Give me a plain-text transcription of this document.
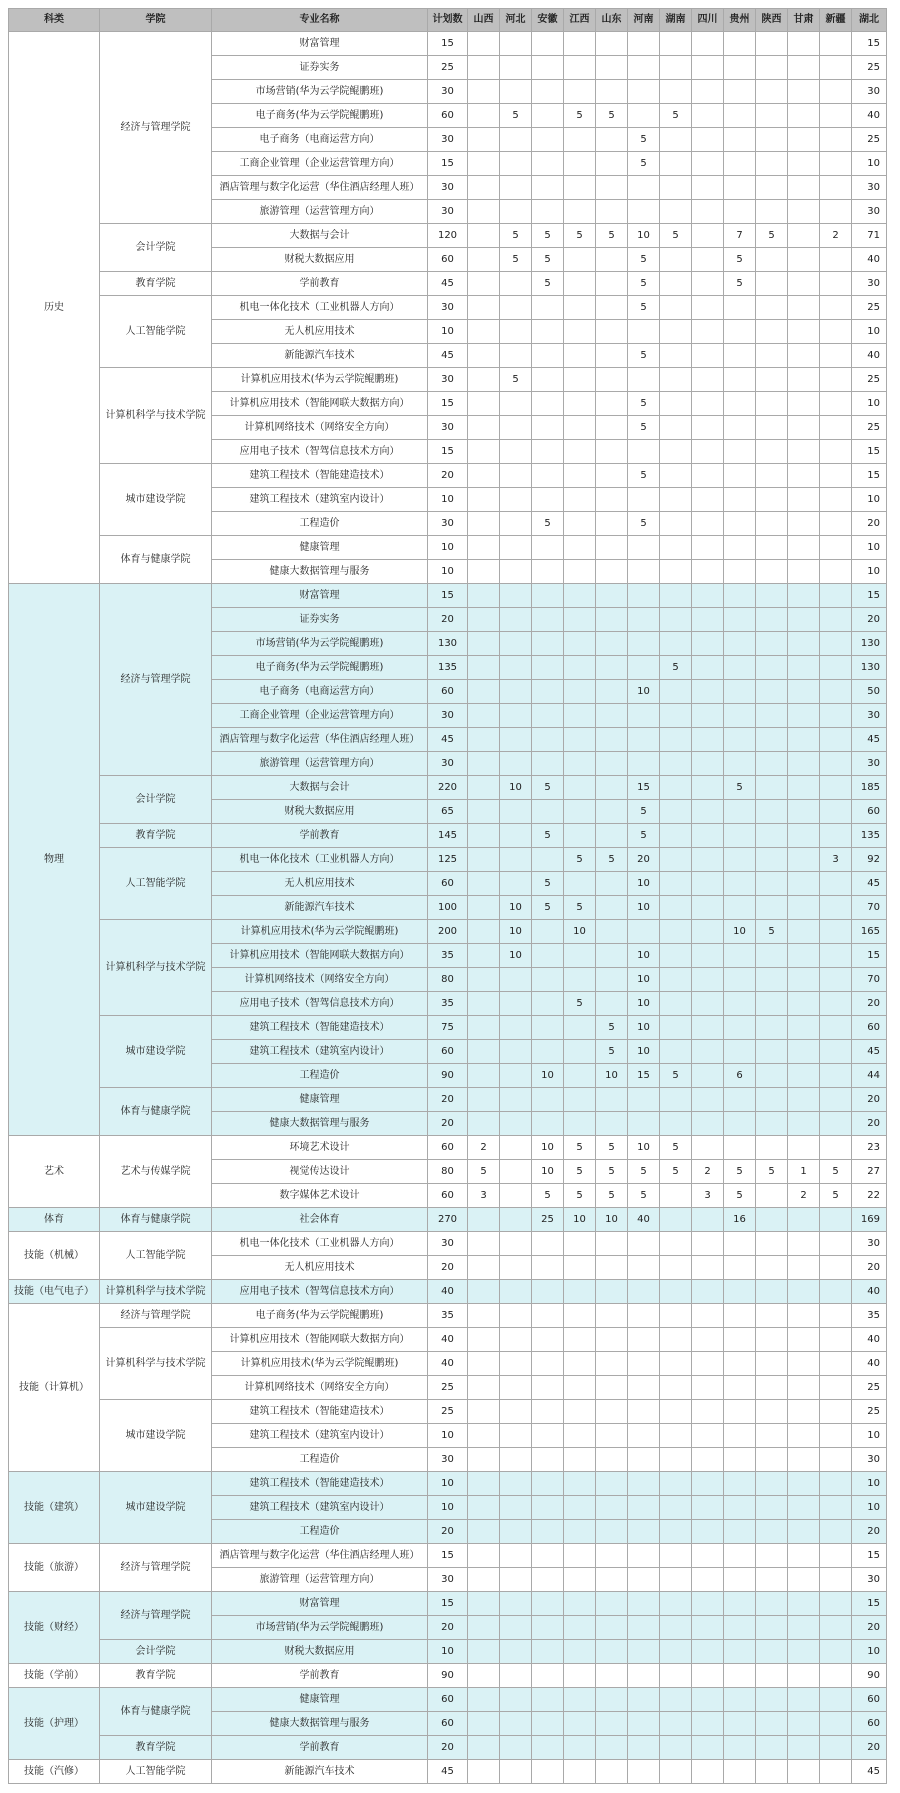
科类	学院	专业名称	计划数	山西	河北	安徽	江西	山东	河南	湖南	四川	贵州	陕西	甘肃	新疆	湖北
历史	经济与管理学院	财富管理	15													15
		证券实务	25													25
		市场营销(华为云学院鲲鹏班)	30													30
		电子商务(华为云学院鲲鹏班)	60		5		5	5		5						40
		电子商务（电商运营方向）	30						5							25
		工商企业管理（企业运营管理方向）	15						5							10
		酒店管理与数字化运营（华住酒店经理人班）	30													30
		旅游管理（运营管理方向）	30													30
	会计学院	大数据与会计	120		5	5	5	5	10	5		7	5		2	71
		财税大数据应用	60		5	5			5			5				40
	教育学院	学前教育	45			5			5			5				30
	人工智能学院	机电一体化技术（工业机器人方向）	30						5							25
		无人机应用技术	10													10
		新能源汽车技术	45						5							40
	计算机科学与技术学院	计算机应用技术(华为云学院鲲鹏班)	30		5											25
		计算机应用技术（智能网联大数据方向）	15						5							10
		计算机网络技术（网络安全方向）	30						5							25
		应用电子技术（智驾信息技术方向）	15													15
	城市建设学院	建筑工程技术（智能建造技术）	20						5							15
		建筑工程技术（建筑室内设计）	10													10
		工程造价	30			5			5							20
	体育与健康学院	健康管理	10													10
		健康大数据管理与服务	10													10
物理	经济与管理学院	财富管理	15													15
		证券实务	20													20
		市场营销(华为云学院鲲鹏班)	130													130
		电子商务(华为云学院鲲鹏班)	135							5						130
		电子商务（电商运营方向）	60						10							50
		工商企业管理（企业运营管理方向）	30													30
		酒店管理与数字化运营（华住酒店经理人班）	45													45
		旅游管理（运营管理方向）	30													30
	会计学院	大数据与会计	220		10	5			15			5				185
		财税大数据应用	65						5							60
	教育学院	学前教育	145			5			5							135
	人工智能学院	机电一体化技术（工业机器人方向）	125				5	5	20						3	92
		无人机应用技术	60			5			10							45
		新能源汽车技术	100		10	5	5		10							70
	计算机科学与技术学院	计算机应用技术(华为云学院鲲鹏班)	200		10		10					10	5			165
		计算机应用技术（智能网联大数据方向）	35		10				10							15
		计算机网络技术（网络安全方向）	80						10							70
		应用电子技术（智驾信息技术方向）	35				5		10							20
	城市建设学院	建筑工程技术（智能建造技术）	75					5	10							60
		建筑工程技术（建筑室内设计）	60					5	10							45
		工程造价	90			10		10	15	5		6				44
	体育与健康学院	健康管理	20													20
		健康大数据管理与服务	20													20
艺术	艺术与传媒学院	环境艺术设计	60	2		10	5	5	10	5						23
		视觉传达设计	80	5		10	5	5	5	5	2	5	5	1	5	27
		数字媒体艺术设计	60	3		5	5	5	5		3	5		2	5	22
体育	体育与健康学院	社会体育	270			25	10	10	40			16				169
技能（机械）	人工智能学院	机电一体化技术（工业机器人方向）	30													30
		无人机应用技术	20													20
技能（电气电子）	计算机科学与技术学院	应用电子技术（智驾信息技术方向）	40													40
技能（计算机）	经济与管理学院	电子商务(华为云学院鲲鹏班)	35													35
	计算机科学与技术学院	计算机应用技术（智能网联大数据方向）	40													40
		计算机应用技术(华为云学院鲲鹏班)	40													40
		计算机网络技术（网络安全方向）	25													25
	城市建设学院	建筑工程技术（智能建造技术）	25													25
		建筑工程技术（建筑室内设计）	10													10
		工程造价	30													30
技能（建筑）	城市建设学院	建筑工程技术（智能建造技术）	10													10
		建筑工程技术（建筑室内设计）	10													10
		工程造价	20													20
技能（旅游）	经济与管理学院	酒店管理与数字化运营（华住酒店经理人班）	15													15
		旅游管理（运营管理方向）	30													30
技能（财经）	经济与管理学院	财富管理	15													15
		市场营销(华为云学院鲲鹏班)	20													20
	会计学院	财税大数据应用	10													10
技能（学前）	教育学院	学前教育	90													90
技能（护理）	体育与健康学院	健康管理	60													60
		健康大数据管理与服务	60													60
	教育学院	学前教育	20													20
技能（汽修）	人工智能学院	新能源汽车技术	45													45
